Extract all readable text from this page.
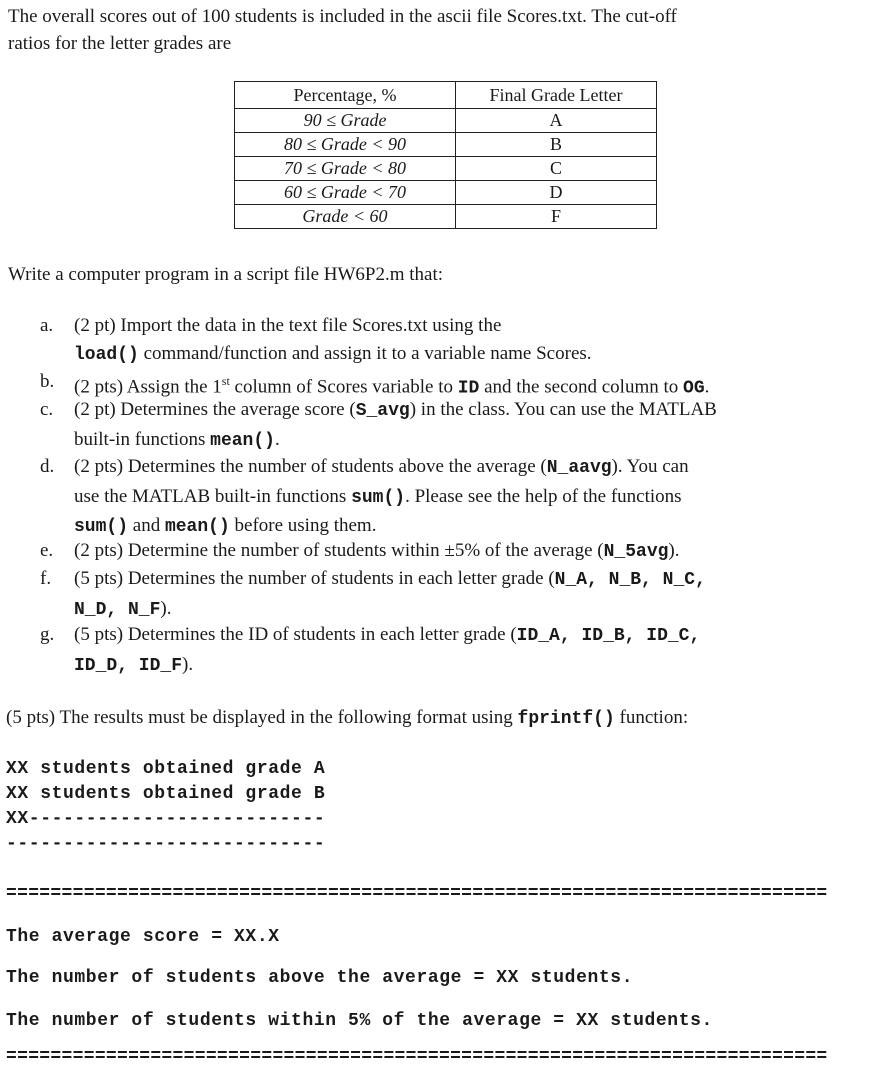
The overall scores out of 100 students is included in the ascii file Scores.txt. The cut-off
ratios for the letter grades are
Percentage, %	Final Grade Letter
90 ≤ Grade	A
80 ≤ Grade < 90	B
70 ≤ Grade < 80	C
60 ≤ Grade < 70	D
Grade < 60	F
Write a computer program in a script file HW6P2.m that:
a. (2 pt) Import the data in the text file Scores.txt using the
load() command/function and assign it to a variable name Scores.
b. (2 pts) Assign the 1st column of Scores variable to ID and the second column to OG.
c. (2 pt) Determines the average score (S_avg) in the class. You can use the MATLAB
built-in functions mean().
d. (2 pts) Determines the number of students above the average (N_aavg). You can
use the MATLAB built-in functions sum(). Please see the help of the functions
sum() and mean() before using them.
e. (2 pts) Determine the number of students within ±5% of the average (N_5avg).
f. (5 pts) Determines the number of students in each letter grade (N_A, N_B, N_C,
N_D, N_F).
g. (5 pts) Determines the ID of students in each letter grade (ID_A, ID_B, ID_C,
ID_D, ID_F).
(5 pts) The results must be displayed in the following format using fprintf() function:
XX students obtained grade A
XX students obtained grade B
XX--------------------------
----------------------------
==========================================================================
The average score = XX.X
The number of students above the average = XX students.
The number of students within 5% of the average = XX students.
==========================================================================
